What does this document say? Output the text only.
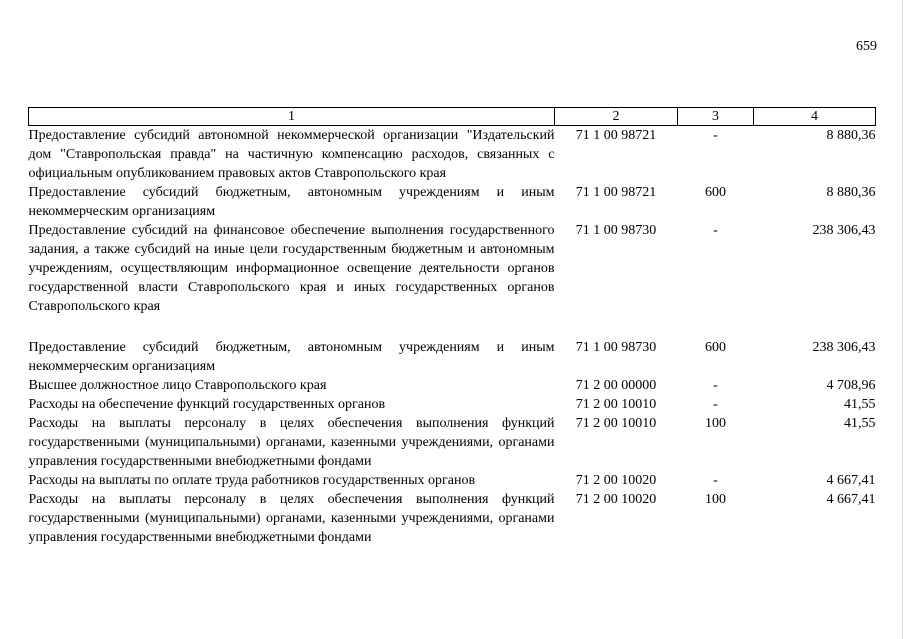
659
1	2	3	4
Предоставление субсидий автономной некоммерческой организации "Издательский дом "Ставропольская правда" на частичную компенсацию расходов, связанных с официальным опубликованием правовых актов Ставропольского края	71 1 00 98721	-	8 880,36
Предоставление субсидий бюджетным, автономным учреждениям и иным некоммерческим организациям	71 1 00 98721	600	8 880,36
Предоставление субсидий на финансовое обеспечение выполнения государственного задания, а также субсидий на иные цели государственным бюджетным и автономным учреждениям, осуществляющим информационное освещение деятельности органов государственной власти Ставропольского края и иных государственных органов Ставропольского края	71 1 00 98730	-	238 306,43
Предоставление субсидий бюджетным, автономным учреждениям и иным некоммерческим организациям	71 1 00 98730	600	238 306,43
Высшее должностное лицо Ставропольского края	71 2 00 00000	-	4 708,96
Расходы на обеспечение функций государственных органов	71 2 00 10010	-	41,55
Расходы на выплаты персоналу в целях обеспечения выполнения функций государственными (муниципальными) органами, казенными учреждениями, органами управления государственными внебюджетными фондами	71 2 00 10010	100	41,55
Расходы на выплаты по оплате труда работников государственных органов	71 2 00 10020	-	4 667,41
Расходы на выплаты персоналу в целях обеспечения выполнения функций государственными (муниципальными) органами, казенными учреждениями, органами управления государственными внебюджетными фондами	71 2 00 10020	100	4 667,41
